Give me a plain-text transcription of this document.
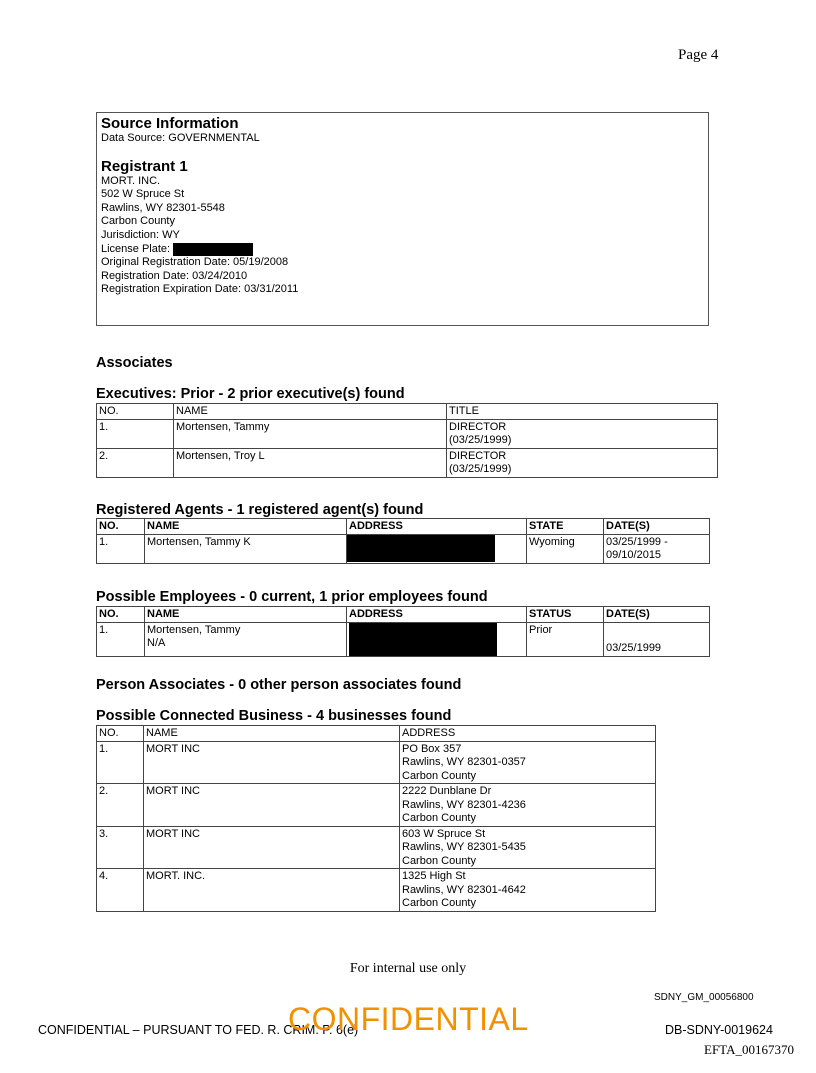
Page 4
Source Information
Data Source: GOVERNMENTAL
Registrant 1
MORT. INC.
502 W Spruce St
Rawlins, WY 82301-5548
Carbon County
Jurisdiction: WY
License Plate:
Original Registration Date: 05/19/2008
Registration Date: 03/24/2010
Registration Expiration Date: 03/31/2011
Associates
Executives: Prior - 2 prior executive(s) found
NO.	NAME	TITLE
1.	Mortensen, Tammy	DIRECTOR
(03/25/1999)

2.	Mortensen, Troy L	DIRECTOR
(03/25/1999)
Registered Agents - 1 registered agent(s) found
NO.	NAME	ADDRESS	STATE	DATE(S)
1.	Mortensen, Tammy K		Wyoming	03/25/1999 -
09/10/2015
Possible Employees - 0 current, 1 prior employees found
NO.	NAME	ADDRESS	STATUS	DATE(S)
1.	Mortensen, Tammy
N/A		Prior	03/25/1999
Person Associates - 0 other person associates found
Possible Connected Business - 4 businesses found
NO.	NAME	ADDRESS
1.	MORT INC	PO Box 357
Rawlins, WY 82301-0357
Carbon County

2.	MORT INC	2222 Dunblane Dr
Rawlins, WY 82301-4236
Carbon County

3.	MORT INC	603 W Spruce St
Rawlins, WY 82301-5435
Carbon County

4.	MORT. INC.	1325 High St
Rawlins, WY 82301-4642
Carbon County
For internal use only
SDNY_GM_00056800
CONFIDENTIAL – PURSUANT TO FED. R. CRIM. P. 6(e)
CONFIDENTIAL	DB-SDNY-0019624
EFTA_00167370
